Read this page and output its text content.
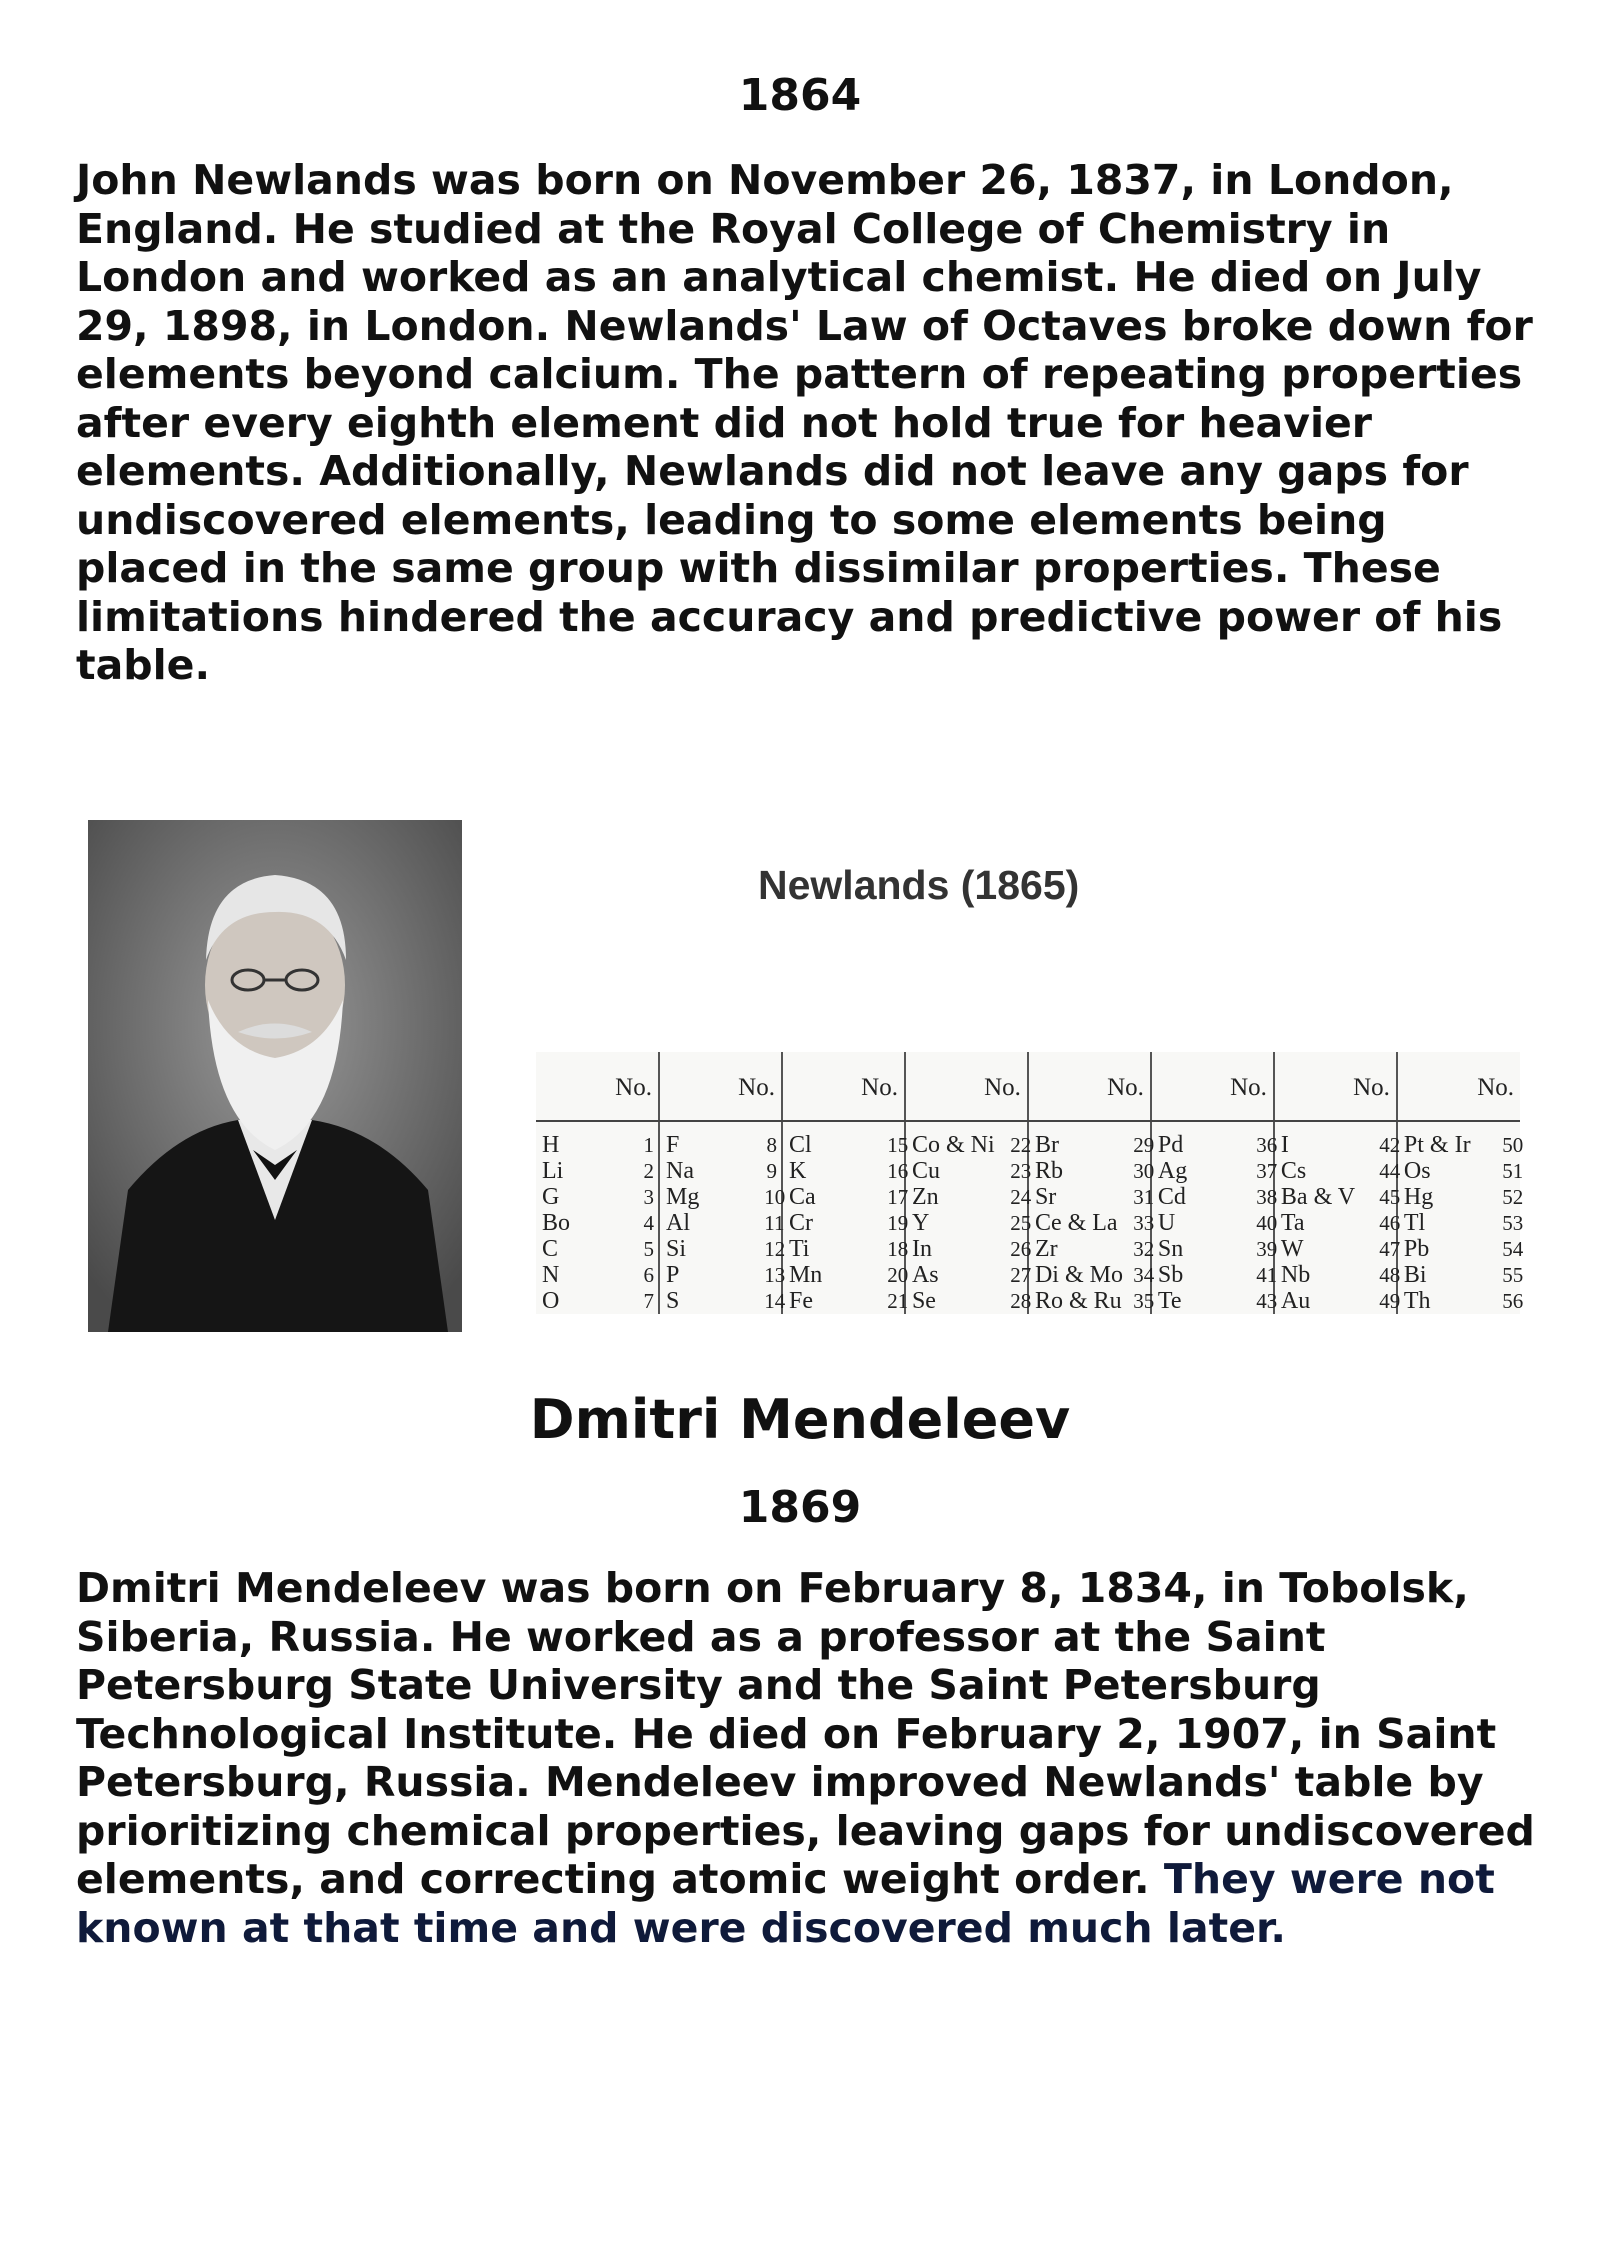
1864

John Newlands was born on November 26, 1837, in London, England. He studied at the Royal College of Chemistry in London and worked as an analytical chemist. He died on July 29, 1898, in London. Newlands' Law of Octaves broke down for elements beyond calcium. The pattern of repeating properties after every eighth element did not hold true for heavier elements. Additionally, Newlands did not leave any gaps for undiscovered elements, leading to some elements being placed in the same group with dissimilar properties. These limitations hindered the accuracy and predictive power of his table.

Newlands (1865)
No.		No.		No.		No.		No.		No.		No.		No.	
H	1	F	8	Cl	15	Co & Ni	22	Br	29	Pd	36	I	42	Pt & Ir	50
Li	2	Na	9	K	16	Cu	23	Rb	30	Ag	37	Cs	44	Os	51
G	3	Mg	10	Ca	17	Zn	24	Sr	31	Cd	38	Ba & V	45	Hg	52
Bo	4	Al	11	Cr	19	Y	25	Ce & La	33	U	40	Ta	46	Tl	53
C	5	Si	12	Ti	18	In	26	Zr	32	Sn	39	W	47	Pb	54
N	6	P	13	Mn	20	As	27	Di & Mo	34	Sb	41	Nb	48	Bi	55
O	7	S	14	Fe	21	Se	28	Ro & Ru	35	Te	43	Au	49	Th	56
Dmitri Mendeleev
1869

Dmitri Mendeleev was born on February 8, 1834, in Tobolsk, Siberia, Russia. He worked as a professor at the Saint Petersburg State University and the Saint Petersburg Technological Institute. He died on February 2, 1907, in Saint Petersburg, Russia. Mendeleev improved Newlands' table by prioritizing chemical properties, leaving gaps for undiscovered elements, and correcting atomic weight order. They were not known at that time and were discovered much later.
